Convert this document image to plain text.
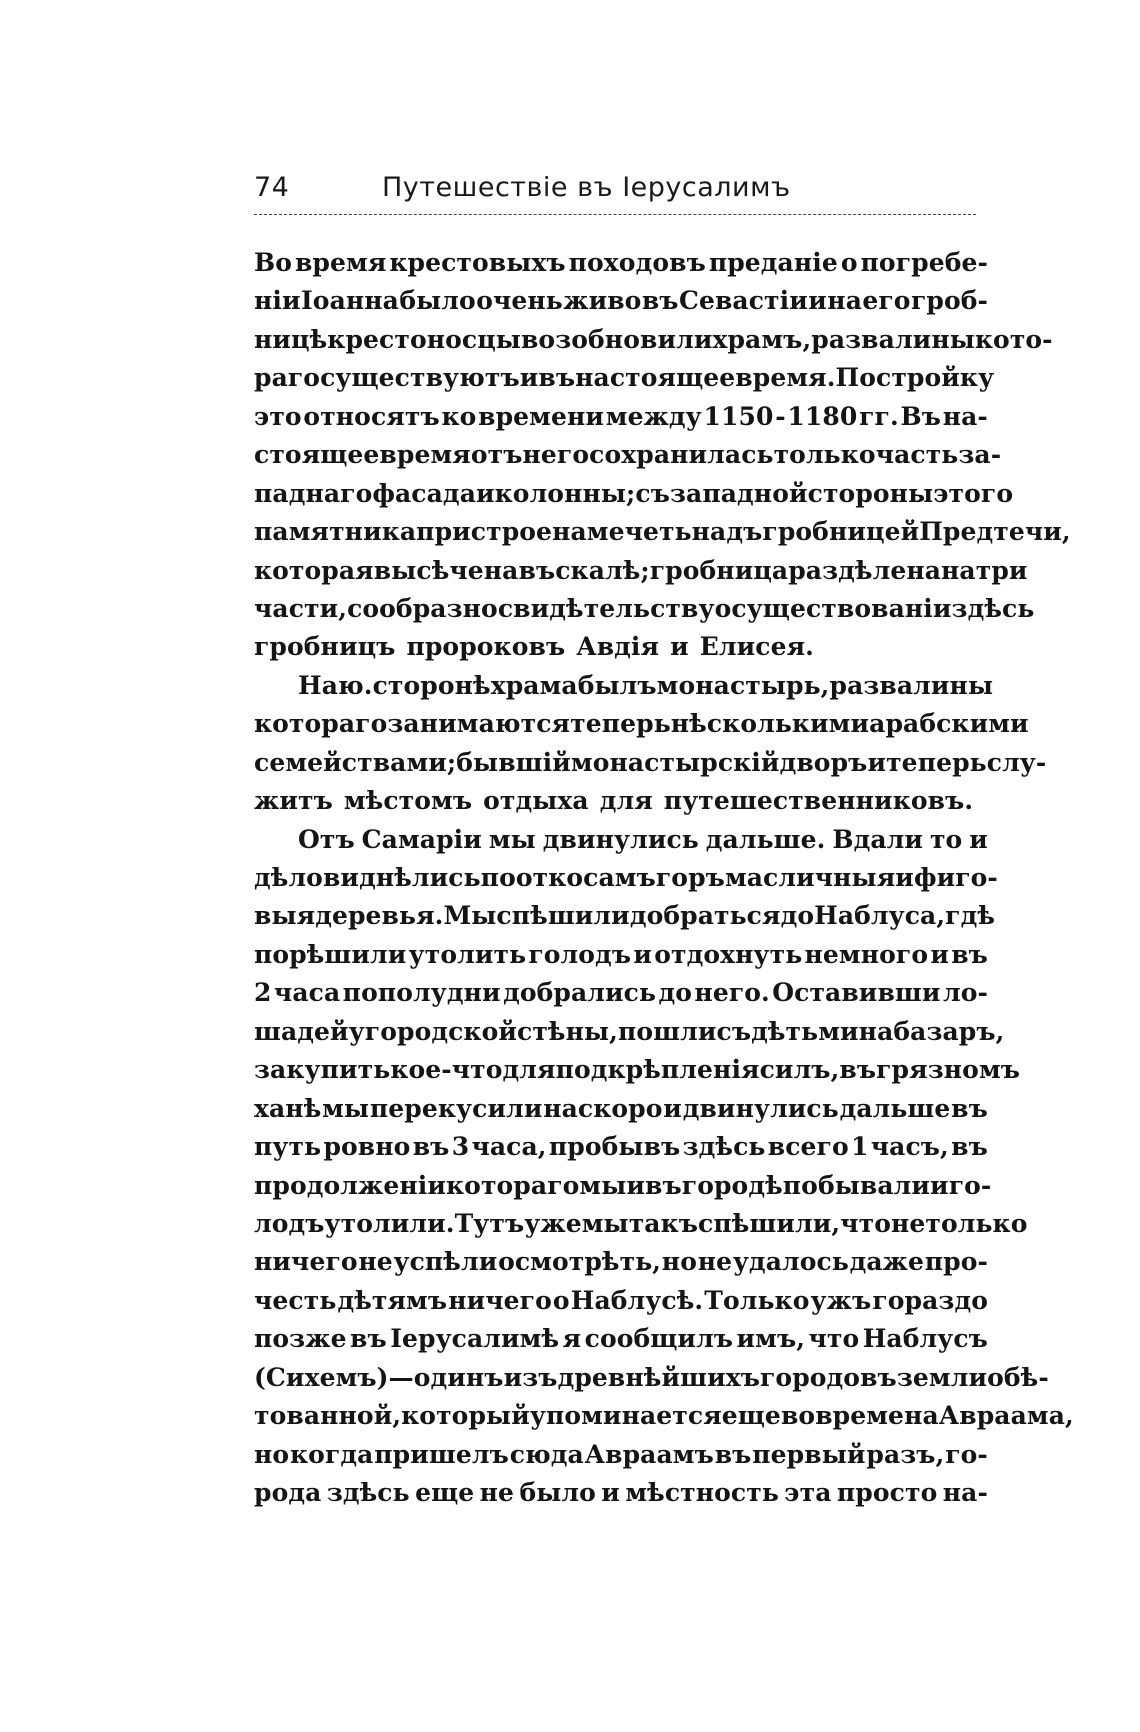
74	Путешествіе въ Іерусалимъ
Во время крестовыхъ походовъ преданіе о погребе-
ніи Іоанна было очень живо въ Севастіи и на его гроб-
ницѣ крестоносцы возобновили храмъ, развалины кото-
раго существуютъ и въ настоящее время. Постройку
это относятъ ко времени между 1150 - 1180 гг. Въ на-
стоящее время отъ него сохранилась только часть за-
паднаго фасада и колонны; съ западной стороны этого
памятника пристроена мечеть надъ гробницей Предтечи,
которая высѣчена въ скалѣ; гробница раздѣлена на три
части, сообразно свидѣтельству о существованіи здѣсь
гробницъ пророковъ Авдія и Елисея.
На ю. сторонѣ храма былъ монастырь, развалины
котораго занимаются теперь нѣсколькими арабскими
семействами; бывшій монастырскій дворъ и теперь слу-
житъ мѣстомъ отдыха для путешественниковъ.
Отъ Самаріи мы двинулись дальше. Вдали то и
дѣло виднѣлись по откосамъ горъ масличныя и фиго-
выя деревья. Мы спѣшили добраться до Наблуса, гдѣ
порѣшили утолить голодъ и отдохнуть немного и въ
2 часа пополудни добрались до него. Оставивши ло-
шадей у городской стѣны, пошли съ дѣтьми на базаръ,
закупить кое-что для подкрѣпленія силъ, въ грязномъ
ханѣ мы перекусили наскоро и двинулись дальше въ
путь ровно въ 3 часа, пробывъ здѣсь всего 1 часъ, въ
продолженіи котораго мы и въ городѣ побывали и го-
лодъ утолили. Тутъ уже мы такъ спѣшили, что не только
ничего не успѣли осмотрѣть, но не удалось даже про-
честь дѣтямъ ничего о Наблусѣ. Только ужъ гораздо
позже въ Іерусалимѣ я сообщилъ имъ, что Наблусъ
(Сихемъ) — одинъ изъ древнѣйшихъ городовъ земли обѣ-
тованной, который упоминается еще во времена Авраама,
но когда пришелъ сюда Авраамъ въ первый разъ, го-
рода здѣсь еще не было и мѣстность эта просто на-
